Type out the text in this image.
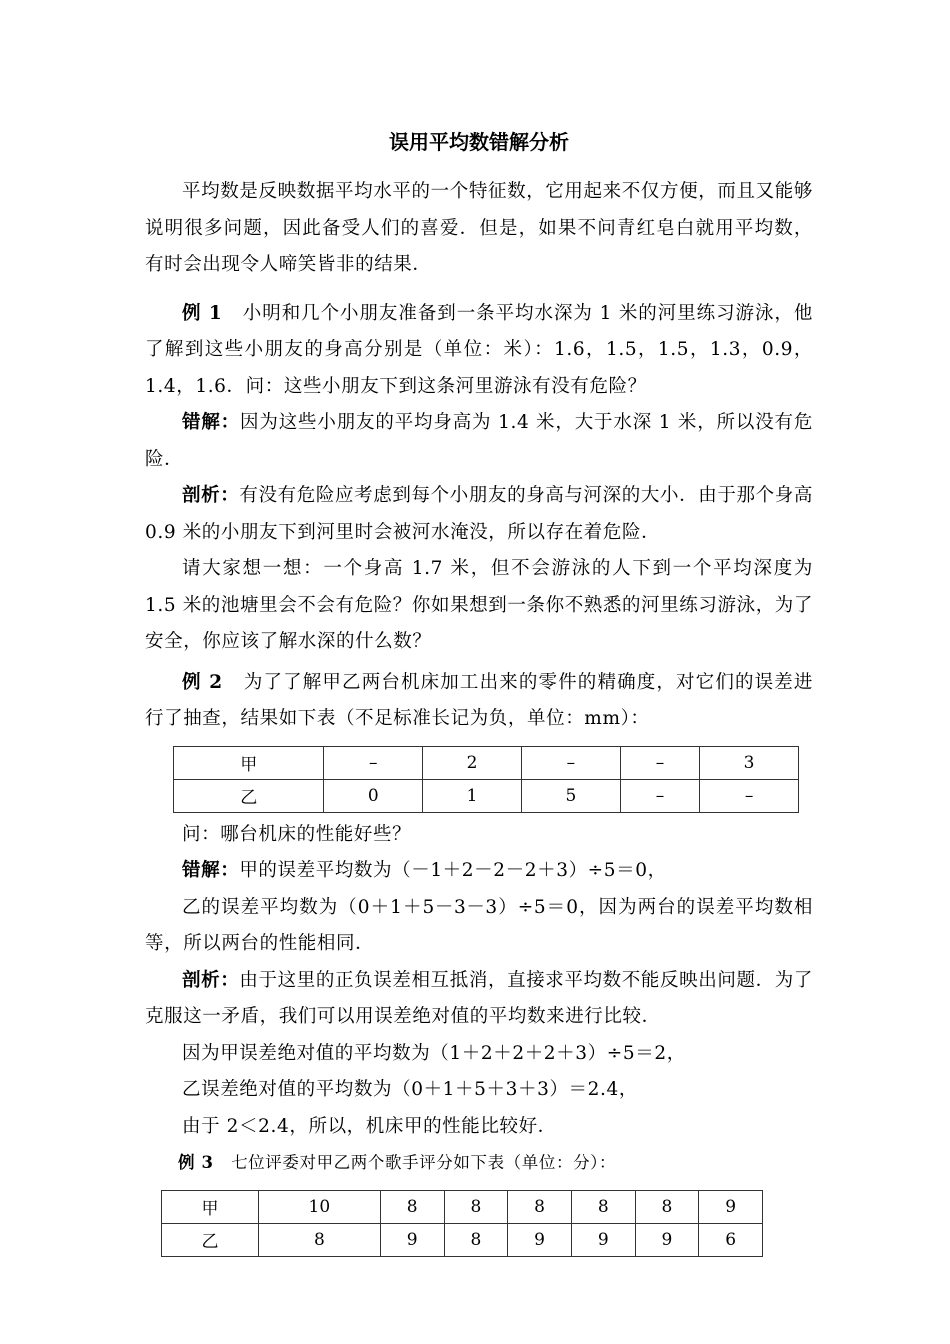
误用平均数错解分析

平均数是反映数据平均水平的一个特征数，它用起来不仅方便，而且又能够说明很多问题，因此备受人们的喜爱．但是，如果不问青红皂白就用平均数，有时会出现令人啼笑皆非的结果．

例 1 小明和几个小朋友准备到一条平均水深为 1 米的河里练习游泳，他了解到这些小朋友的身高分别是（单位：米）：1.6，1.5，1.5，1.3，0.9，1.4，1.6．问：这些小朋友下到这条河里游泳有没有危险？

错解：因为这些小朋友的平均身高为 1.4 米，大于水深 1 米，所以没有危险．

剖析：有没有危险应考虑到每个小朋友的身高与河深的大小．由于那个身高 0.9 米的小朋友下到河里时会被河水淹没，所以存在着危险．

请大家想一想：一个身高 1.7 米，但不会游泳的人下到一个平均深度为 1.5 米的池塘里会不会有危险？你如果想到一条你不熟悉的河里练习游泳，为了安全，你应该了解水深的什么数？

例 2 为了了解甲乙两台机床加工出来的零件的精确度，对它们的误差进行了抽查，结果如下表（不足标准长记为负，单位：mm）：

甲	–	2	–	–	3
乙	0	1	5	–	–

问：哪台机床的性能好些？

错解：甲的误差平均数为（－1＋2－2－2＋3）÷5＝0，

乙的误差平均数为（0＋1＋5－3－3）÷5＝0，因为两台的误差平均数相等，所以两台的性能相同．

剖析：由于这里的正负误差相互抵消，直接求平均数不能反映出问题．为了克服这一矛盾，我们可以用误差绝对值的平均数来进行比较．

因为甲误差绝对值的平均数为（1＋2＋2＋2＋3）÷5＝2，

乙误差绝对值的平均数为（0＋1＋5＋3＋3）＝2.4，

由于 2＜2.4，所以，机床甲的性能比较好．

例 3 七位评委对甲乙两个歌手评分如下表（单位：分）：

甲	10	8	8	8	8	8	9
乙	8	9	8	9	9	9	6
